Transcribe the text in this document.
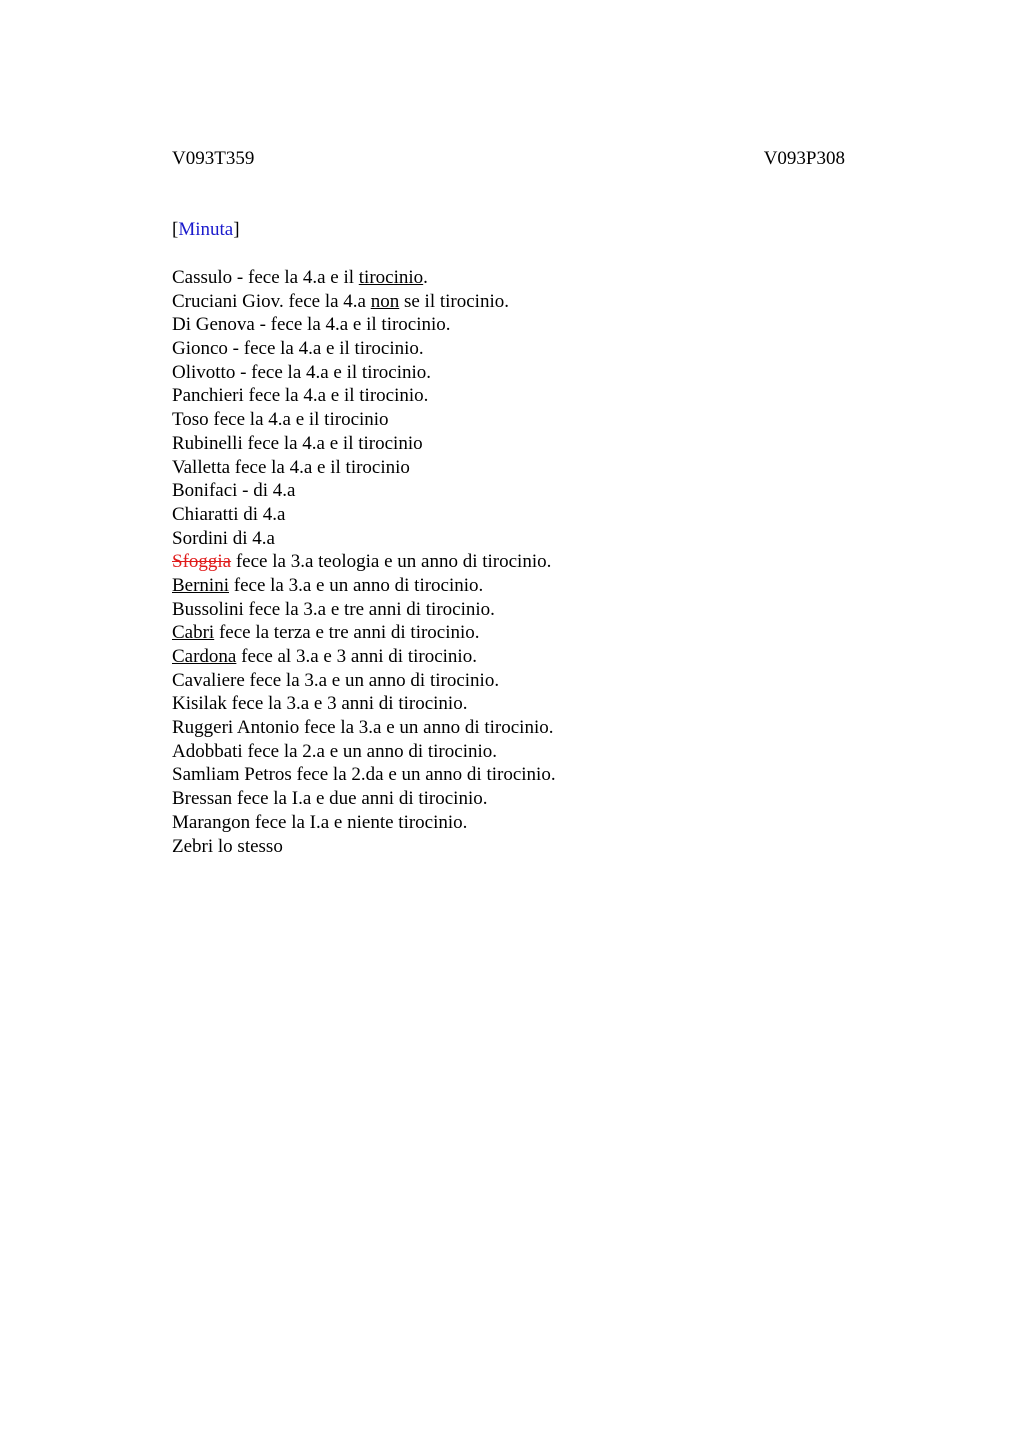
V093T359	V093P308
[Minuta]
Cassulo - fece la 4.a e il tirocinio.
Cruciani Giov. fece la 4.a non se il tirocinio.
Di Genova - fece la 4.a e il tirocinio.
Gionco - fece la 4.a e il tirocinio.
Olivotto - fece la 4.a e il tirocinio.
Panchieri fece la 4.a e il tirocinio.
Toso fece la 4.a e il tirocinio
Rubinelli fece la 4.a e il tirocinio
Valletta fece la 4.a e il tirocinio
Bonifaci - di 4.a
Chiaratti di 4.a
Sordini di 4.a
Sfoggia fece la 3.a teologia e un anno di tirocinio.
Bernini fece la 3.a e un anno di tirocinio.
Bussolini fece la 3.a e tre anni di tirocinio.
Cabri fece la terza e tre anni di tirocinio.
Cardona fece al 3.a e 3 anni di tirocinio.
Cavaliere fece la 3.a e un anno di tirocinio.
Kisilak fece la 3.a e 3 anni di tirocinio.
Ruggeri Antonio fece la 3.a e un anno di tirocinio.
Adobbati fece la 2.a e un anno di tirocinio.
Samliam Petros fece la 2.da e un anno di tirocinio.
Bressan fece la I.a e due anni di tirocinio.
Marangon fece la I.a e niente tirocinio.
Zebri lo stesso
